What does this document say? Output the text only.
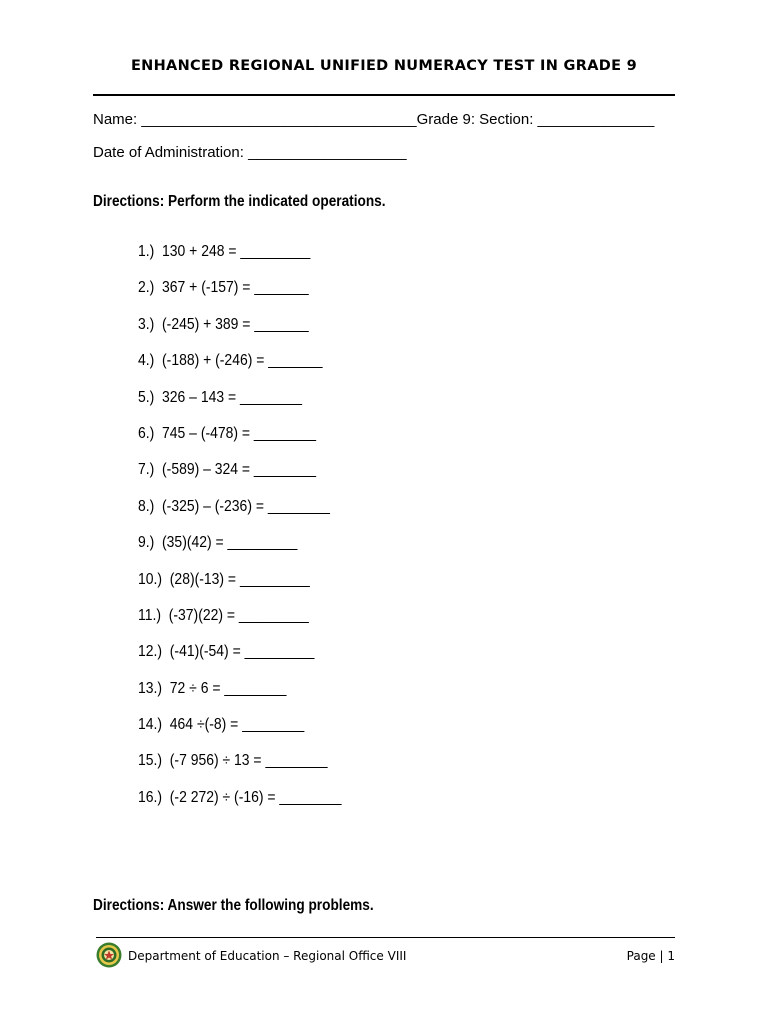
ENHANCED REGIONAL UNIFIED NUMERACY TEST IN GRADE 9
Name: _________________________________Grade 9: Section: ______________
Date of Administration: ___________________
Directions: Perform the indicated operations.
1.)  130 + 248 = _________
2.)  367 + (-157) = _______
3.)  (-245) + 389 = _______
4.)  (-188) + (-246) = _______
5.)  326 – 143 = ________
6.)  745 – (-478) = ________
7.)  (-589) – 324 = ________
8.)  (-325) – (-236) = ________
9.)  (35)(42) = _________
10.)  (28)(-13) = _________
11.)  (-37)(22) = _________
12.)  (-41)(-54) = _________
13.)  72 ÷ 6 = ________
14.)  464 ÷(-8) = ________
15.)  (-7 956) ÷ 13 = ________
16.)  (-2 272) ÷ (-16) = ________
Directions: Answer the following problems.
Department of Education – Regional Office VIII	Page | 1
